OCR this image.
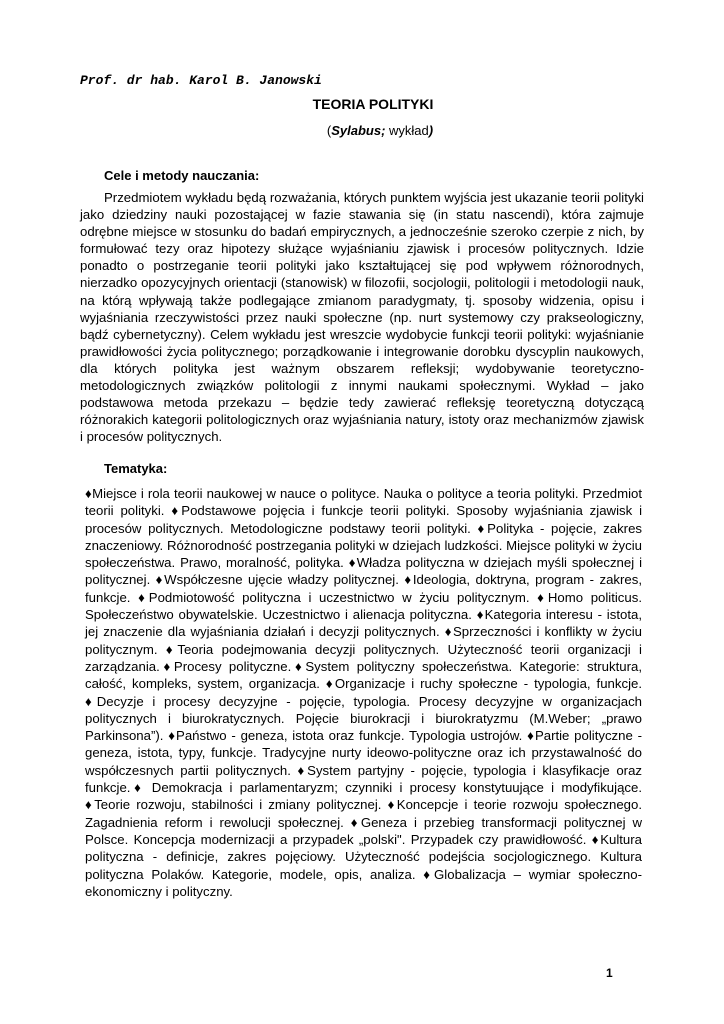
Prof. dr hab. Karol B. Janowski
TEORIA POLITYKI
(Sylabus; wykład)
Cele i metody nauczania:

Przedmiotem wykładu będą rozważania, których punktem wyjścia jest ukazanie teorii polityki jako dziedziny nauki pozostającej w fazie stawania się (in statu nascendi), która zajmuje odrębne miejsce w stosunku do badań empirycznych, a jednocześnie szeroko czerpie z nich, by formułować tezy oraz hipotezy służące wyjaśnianiu zjawisk i procesów politycznych. Idzie ponadto o postrzeganie teorii polityki jako kształtującej się pod wpływem różnorodnych, nierzadko opozycyjnych orientacji (stanowisk) w filozofii, socjologii, politologii i metodologii nauk, na którą wpływają także podlegające zmianom paradygmaty, tj. sposoby widzenia, opisu i wyjaśniania rzeczywistości przez nauki społeczne (np. nurt systemowy czy prakseologiczny, bądź cybernetyczny). Celem wykładu jest wreszcie wydobycie funkcji teorii polityki: wyjaśnianie prawidłowości życia politycznego; porządkowanie i integrowanie dorobku dyscyplin naukowych, dla których polityka jest ważnym obszarem refleksji; wydobywanie teoretyczno-metodologicznych związków politologii z innymi naukami społecznymi. Wykład – jako podstawowa metoda przekazu – będzie tedy zawierać refleksję teoretyczną dotyczącą różnorakich kategorii politologicznych oraz wyjaśniania natury, istoty oraz mechanizmów zjawisk i procesów politycznych.

Tematyka:

♦Miejsce i rola teorii naukowej w nauce o polityce. Nauka o polityce a teoria polityki. Przedmiot teorii polityki. ♦Podstawowe pojęcia i funkcje teorii polityki. Sposoby wyjaśniania zjawisk i procesów politycznych. Metodologiczne podstawy teorii polityki. ♦Polityka - pojęcie, zakres znaczeniowy. Różnorodność postrzegania polityki w dziejach ludzkości. Miejsce polityki w życiu społeczeństwa. Prawo, moralność, polityka. ♦Władza polityczna w dziejach myśli społecznej i politycznej. ♦Współczesne ujęcie władzy politycznej. ♦Ideologia, doktryna, program - zakres, funkcje. ♦Podmiotowość polityczna i uczestnictwo w życiu politycznym. ♦Homo politicus. Społeczeństwo obywatelskie. Uczestnictwo i alienacja polityczna. ♦Kategoria interesu - istota, jej znaczenie dla wyjaśniania działań i decyzji politycznych. ♦Sprzeczności i konflikty w życiu politycznym. ♦Teoria podejmowania decyzji politycznych. Użyteczność teorii organizacji i zarządzania.♦Procesy polityczne.♦System polityczny społeczeństwa. Kategorie: struktura, całość, kompleks, system, organizacja. ♦Organizacje i ruchy społeczne - typologia, funkcje. ♦Decyzje i procesy decyzyjne - pojęcie, typologia. Procesy decyzyjne w organizacjach politycznych i biurokratycznych. Pojęcie biurokracji i biurokratyzmu (M.Weber; „prawo Parkinsona”). ♦Państwo - geneza, istota oraz funkcje. Typologia ustrojów. ♦Partie polityczne - geneza, istota, typy, funkcje. Tradycyjne nurty ideowo-polityczne oraz ich przystawalność do współczesnych partii politycznych. ♦System partyjny - pojęcie, typologia i klasyfikacje oraz funkcje.♦ Demokracja i parlamentaryzm; czynniki i procesy konstytuujące i modyfikujące. ♦Teorie rozwoju, stabilności i zmiany politycznej. ♦Koncepcje i teorie rozwoju społecznego. Zagadnienia reform i rewolucji społecznej. ♦Geneza i przebieg transformacji politycznej w Polsce. Koncepcja modernizacji a przypadek „polski". Przypadek czy prawidłowość. ♦Kultura polityczna - definicje, zakres pojęciowy. Użyteczność podejścia socjologicznego. Kultura polityczna Polaków. Kategorie, modele, opis, analiza. ♦Globalizacja – wymiar społeczno-ekonomiczny i polityczny.

1
